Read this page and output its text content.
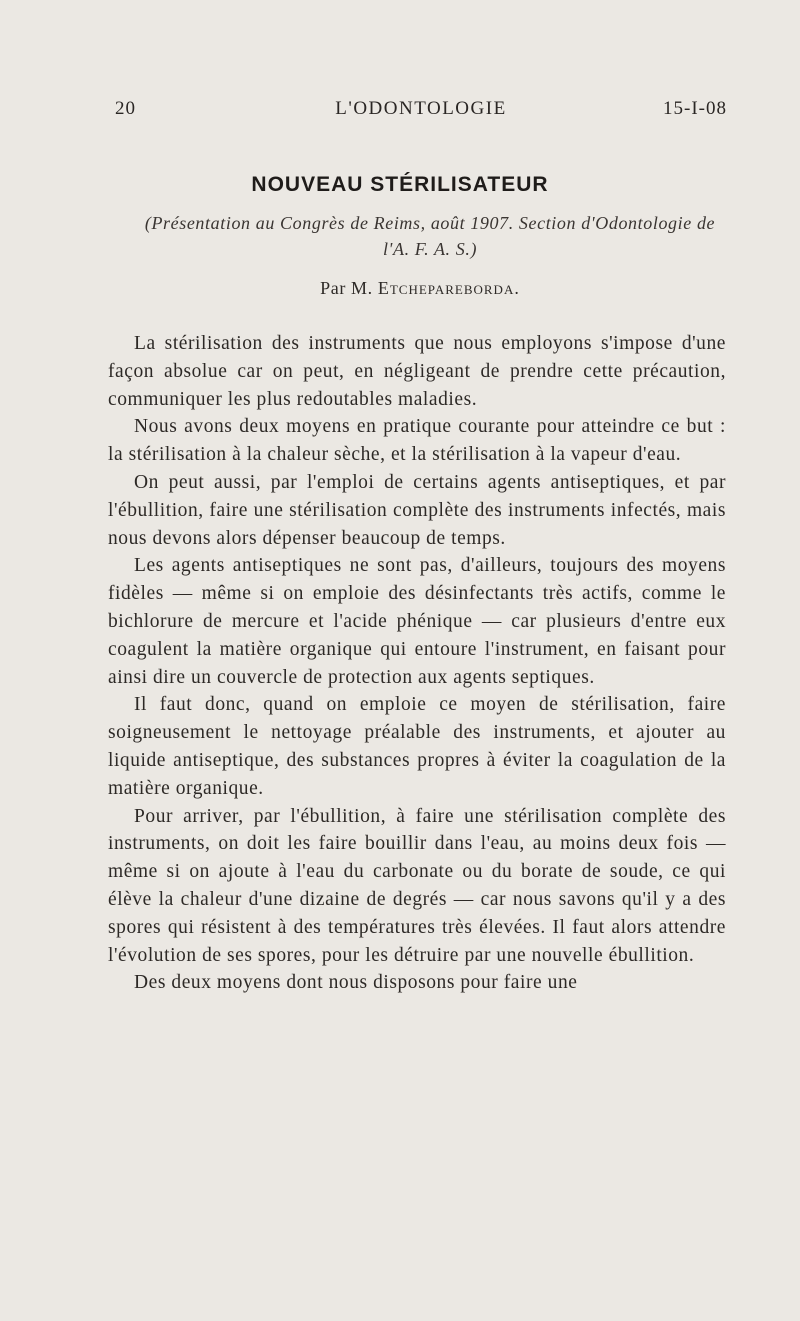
20	L'ODONTOLOGIE	15-I-08
NOUVEAU STÉRILISATEUR
(Présentation au Congrès de Reims, août 1907. Section d'Odontologie de l'A. F. A. S.)
Par M. Etchepareborda.

La stérilisation des instruments que nous employons s'impose d'une façon absolue car on peut, en négligeant de prendre cette précaution, communiquer les plus redoutables maladies.

Nous avons deux moyens en pratique courante pour atteindre ce but : la stérilisation à la chaleur sèche, et la stérilisation à la vapeur d'eau.

On peut aussi, par l'emploi de certains agents antiseptiques, et par l'ébullition, faire une stérilisation complète des instruments infectés, mais nous devons alors dépenser beaucoup de temps.

Les agents antiseptiques ne sont pas, d'ailleurs, toujours des moyens fidèles — même si on emploie des désinfectants très actifs, comme le bichlorure de mercure et l'acide phénique — car plusieurs d'entre eux coagulent la matière organique qui entoure l'instrument, en faisant pour ainsi dire un couvercle de protection aux agents septiques.

Il faut donc, quand on emploie ce moyen de stérilisation, faire soigneusement le nettoyage préalable des instruments, et ajouter au liquide antiseptique, des substances propres à éviter la coagulation de la matière organique.

Pour arriver, par l'ébullition, à faire une stérilisation complète des instruments, on doit les faire bouillir dans l'eau, au moins deux fois — même si on ajoute à l'eau du carbonate ou du borate de soude, ce qui élève la chaleur d'une dizaine de degrés — car nous savons qu'il y a des spores qui résistent à des températures très élevées. Il faut alors attendre l'évolution de ses spores, pour les détruire par une nouvelle ébullition.

Des deux moyens dont nous disposons pour faire une
